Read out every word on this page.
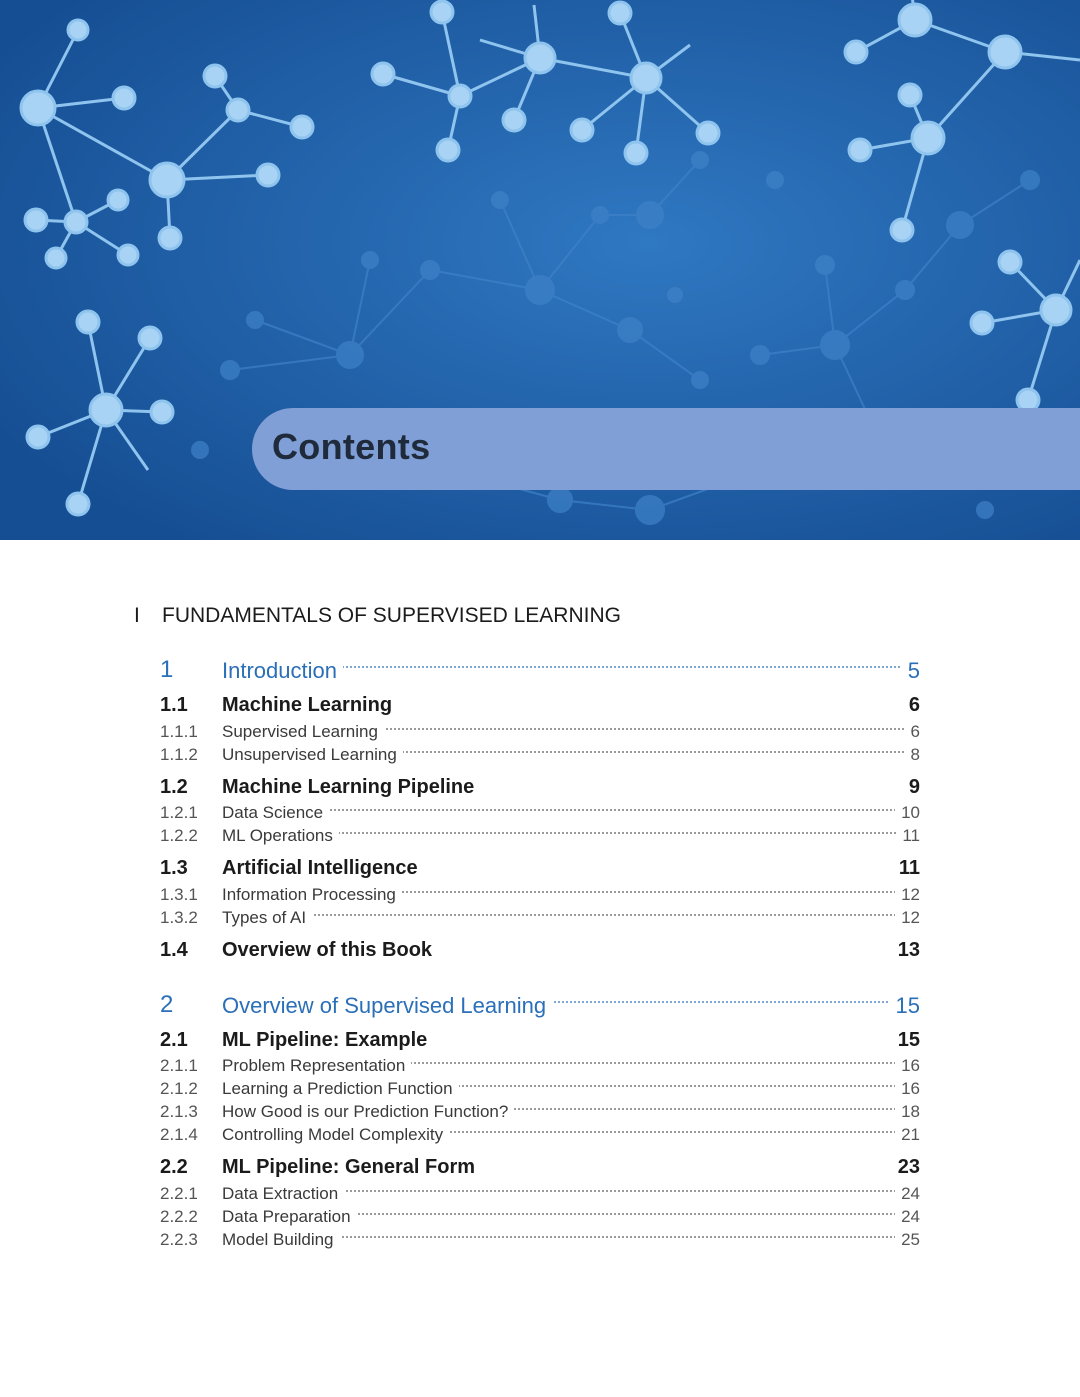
Contents
I FUNDAMENTALS OF SUPERVISED LEARNING
1 Introduction	5
1.1 Machine Learning	6
1.1.1 Supervised Learning	6
1.1.2 Unsupervised Learning	8
1.2 Machine Learning Pipeline	9
1.2.1 Data Science	10
1.2.2 ML Operations	11
1.3 Artificial Intelligence	11
1.3.1 Information Processing	12
1.3.2 Types of AI	12
1.4 Overview of this Book	13
2 Overview of Supervised Learning	15
2.1 ML Pipeline: Example	15
2.1.1 Problem Representation	16
2.1.2 Learning a Prediction Function	16
2.1.3 How Good is our Prediction Function?	18
2.1.4 Controlling Model Complexity	21
2.2 ML Pipeline: General Form	23
2.2.1 Data Extraction	24
2.2.2 Data Preparation	24
2.2.3 Model Building	25
